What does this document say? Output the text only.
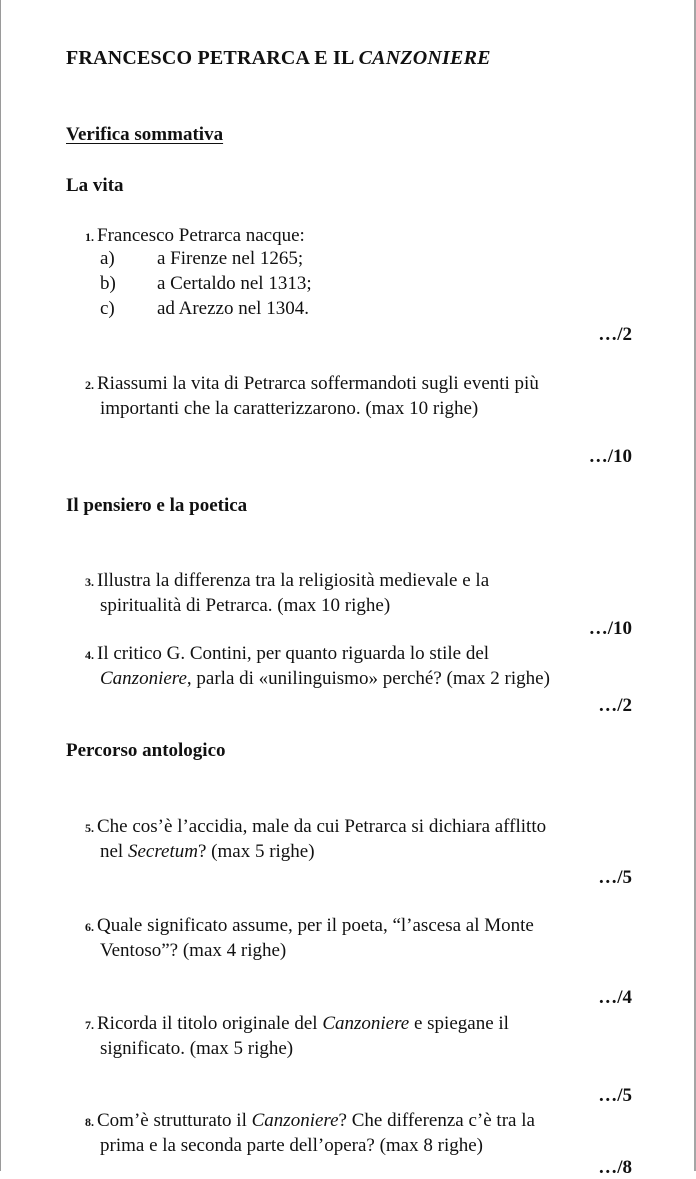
FRANCESCO PETRARCA E IL CANZONIERE
Verifica sommativa
La vita
1. Francesco Petrarca nacque:
a) a Firenze nel 1265;
b) a Certaldo nel 1313;
c) ad Arezzo nel 1304.
…/2
2. Riassumi la vita di Petrarca soffermandoti sugli eventi più
importanti che la caratterizzarono. (max 10 righe)
…/10
Il pensiero e la poetica
3. Illustra la differenza tra la religiosità medievale e la
spiritualità di Petrarca. (max 10 righe)
…/10
4. Il critico G. Contini, per quanto riguarda lo stile del
Canzoniere, parla di «unilinguismo» perché? (max 2 righe)
…/2
Percorso antologico
5. Che cos’è l’accidia, male da cui Petrarca si dichiara afflitto
nel Secretum? (max 5 righe)
…/5
6. Quale significato assume, per il poeta, “l’ascesa al Monte
Ventoso”? (max 4 righe)
…/4
7. Ricorda il titolo originale del Canzoniere e spiegane il
significato. (max 5 righe)
…/5
8. Com’è strutturato il Canzoniere? Che differenza c’è tra la
prima e la seconda parte dell’opera? (max 8 righe)
…/8
